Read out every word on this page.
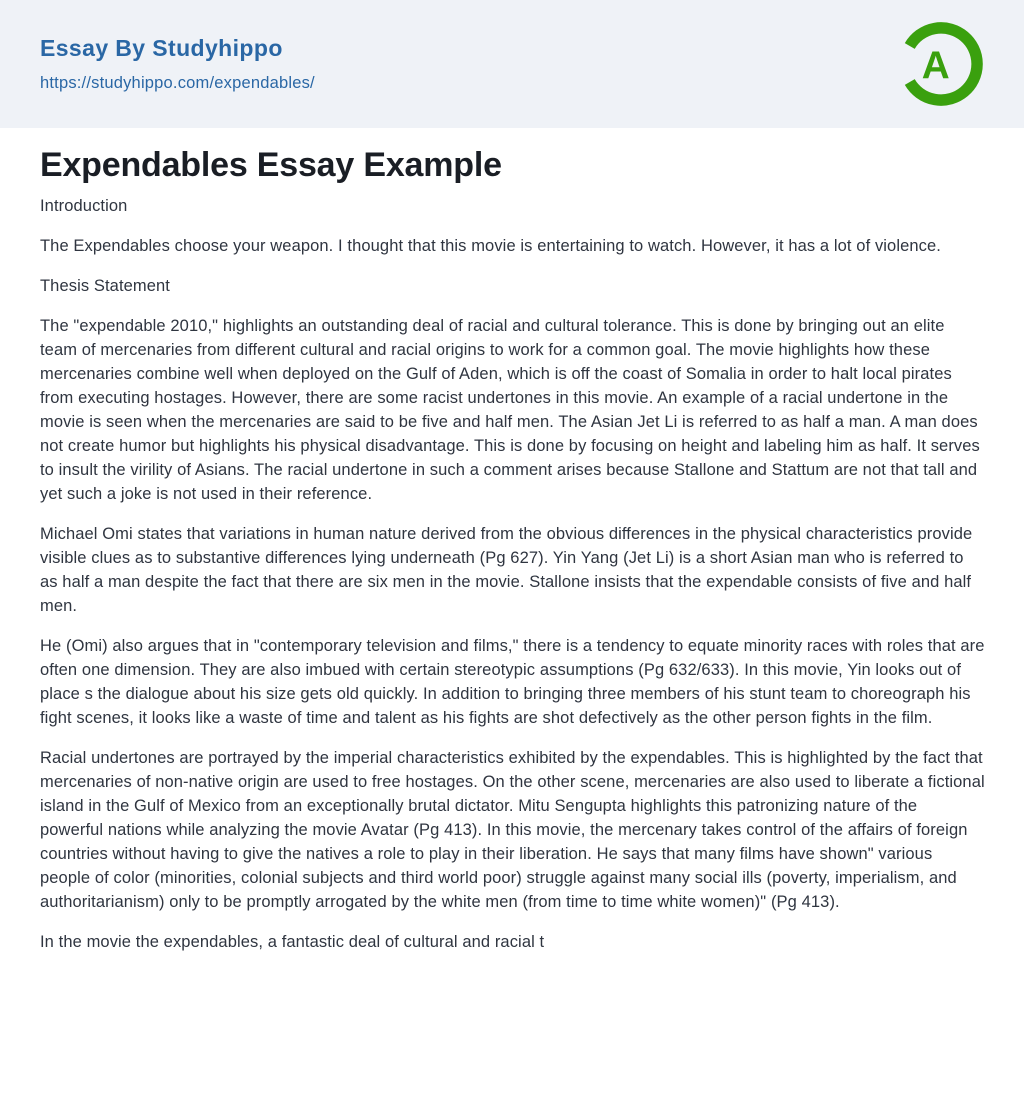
Essay By Studyhippo
https://studyhippo.com/expendables/	A
Expendables Essay Example

Introduction

The Expendables choose your weapon. I thought that this movie is entertaining to watch. However, it has a lot of violence.

Thesis Statement

The "expendable 2010," highlights an outstanding deal of racial and cultural tolerance. This is done by bringing out an elite team of mercenaries from different cultural and racial origins to work for a common goal. The movie highlights how these mercenaries combine well when deployed on the Gulf of Aden, which is off the coast of Somalia in order to halt local pirates from executing hostages. However, there are some racist undertones in this movie. An example of a racial undertone in the movie is seen when the mercenaries are said to be five and half men. The Asian Jet Li is referred to as half a man. A man does not create humor but highlights his physical disadvantage. This is done by focusing on height and labeling him as half. It serves to insult the virility of Asians. The racial undertone in such a comment arises because Stallone and Stattum are not that tall and yet such a joke is not used in their reference.

Michael Omi states that variations in human nature derived from the obvious differences in the physical characteristics provide visible clues as to substantive differences lying underneath (Pg 627). Yin Yang (Jet Li) is a short Asian man who is referred to as half a man despite the fact that there are six men in the movie. Stallone insists that the expendable consists of five and half men.

He (Omi) also argues that in "contemporary television and films," there is a tendency to equate minority races with roles that are often one dimension. They are also imbued with certain stereotypic assumptions (Pg 632/633). In this movie, Yin looks out of place s the dialogue about his size gets old quickly. In addition to bringing three members of his stunt team to choreograph his fight scenes, it looks like a waste of time and talent as his fights are shot defectively as the other person fights in the film.

Racial undertones are portrayed by the imperial characteristics exhibited by the expendables. This is highlighted by the fact that mercenaries of non-native origin are used to free hostages. On the other scene, mercenaries are also used to liberate a fictional island in the Gulf of Mexico from an exceptionally brutal dictator. Mitu Sengupta highlights this patronizing nature of the powerful nations while analyzing the movie Avatar (Pg 413). In this movie, the mercenary takes control of the affairs of foreign countries without having to give the natives a role to play in their liberation. He says that many films have shown" various people of color (minorities, colonial subjects and third world poor) struggle against many social ills (poverty, imperialism, and authoritarianism) only to be promptly arrogated by the white men (from time to time white women)" (Pg 413).

In the movie the expendables, a fantastic deal of cultural and racial t
